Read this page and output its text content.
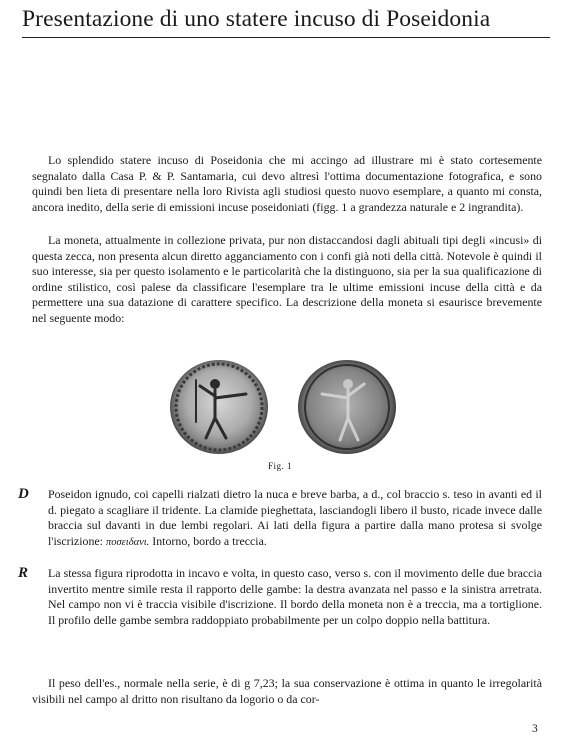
Presentazione di uno statere incuso di Poseidonia

Lo splendido statere incuso di Poseidonia che mi accingo ad illustrare mi è stato cortesemente segnalato dalla Casa P. & P. Santamaria, cui devo altresì l'ottima documentazione fotografica, e sono quindi ben lieta di presentare nella loro Rivista agli studiosi questo nuovo esemplare, a quanto mi consta, ancora inedito, della serie di emissioni incuse poseidoniati (figg. 1 a grandezza naturale e 2 ingrandita).

La moneta, attualmente in collezione privata, pur non distaccandosi dagli abituali tipi degli «incusi» di questa zecca, non presenta alcun diretto agganciamento con i confi già noti della città. Notevole è quindi il suo interesse, sia per questo isolamento e le particolarità che la distinguono, sia per la sua qualificazione di ordine stilistico, così palese da classificare l'esemplare tra le ultime emissioni incuse della città e da permettere una sua datazione di carattere specifico. La descrizione della moneta si esaurisce brevemente nel seguente modo:

Fig. 1
D Poseidon ignudo, coi capelli rialzati dietro la nuca e breve barba, a d., col braccio s. teso in avanti ed il d. piegato a scagliare il tridente. La clamide pieghettata, lasciandogli libero il busto, ricade invece dalle braccia sul davanti in due lembi regolari. Ai lati della figura a partire dalla mano protesa si svolge l'iscrizione: ποσειδανι. Intorno, bordo a treccia.
R La stessa figura riprodotta in incavo e volta, in questo caso, verso s. con il movimento delle due braccia invertito mentre simile resta il rapporto delle gambe: la destra avanzata nel passo e la sinistra arretrata. Nel campo non vi è traccia visibile d'iscrizione. Il bordo della moneta non è a treccia, ma a tortiglione. Il profilo delle gambe sembra raddoppiato probabilmente per un colpo doppio nella battitura.

Il peso dell'es., normale nella serie, è di g 7,23; la sua conservazione è ottima in quanto le irregolarità visibili nel campo al dritto non risultano da logorio o da cor-

3
